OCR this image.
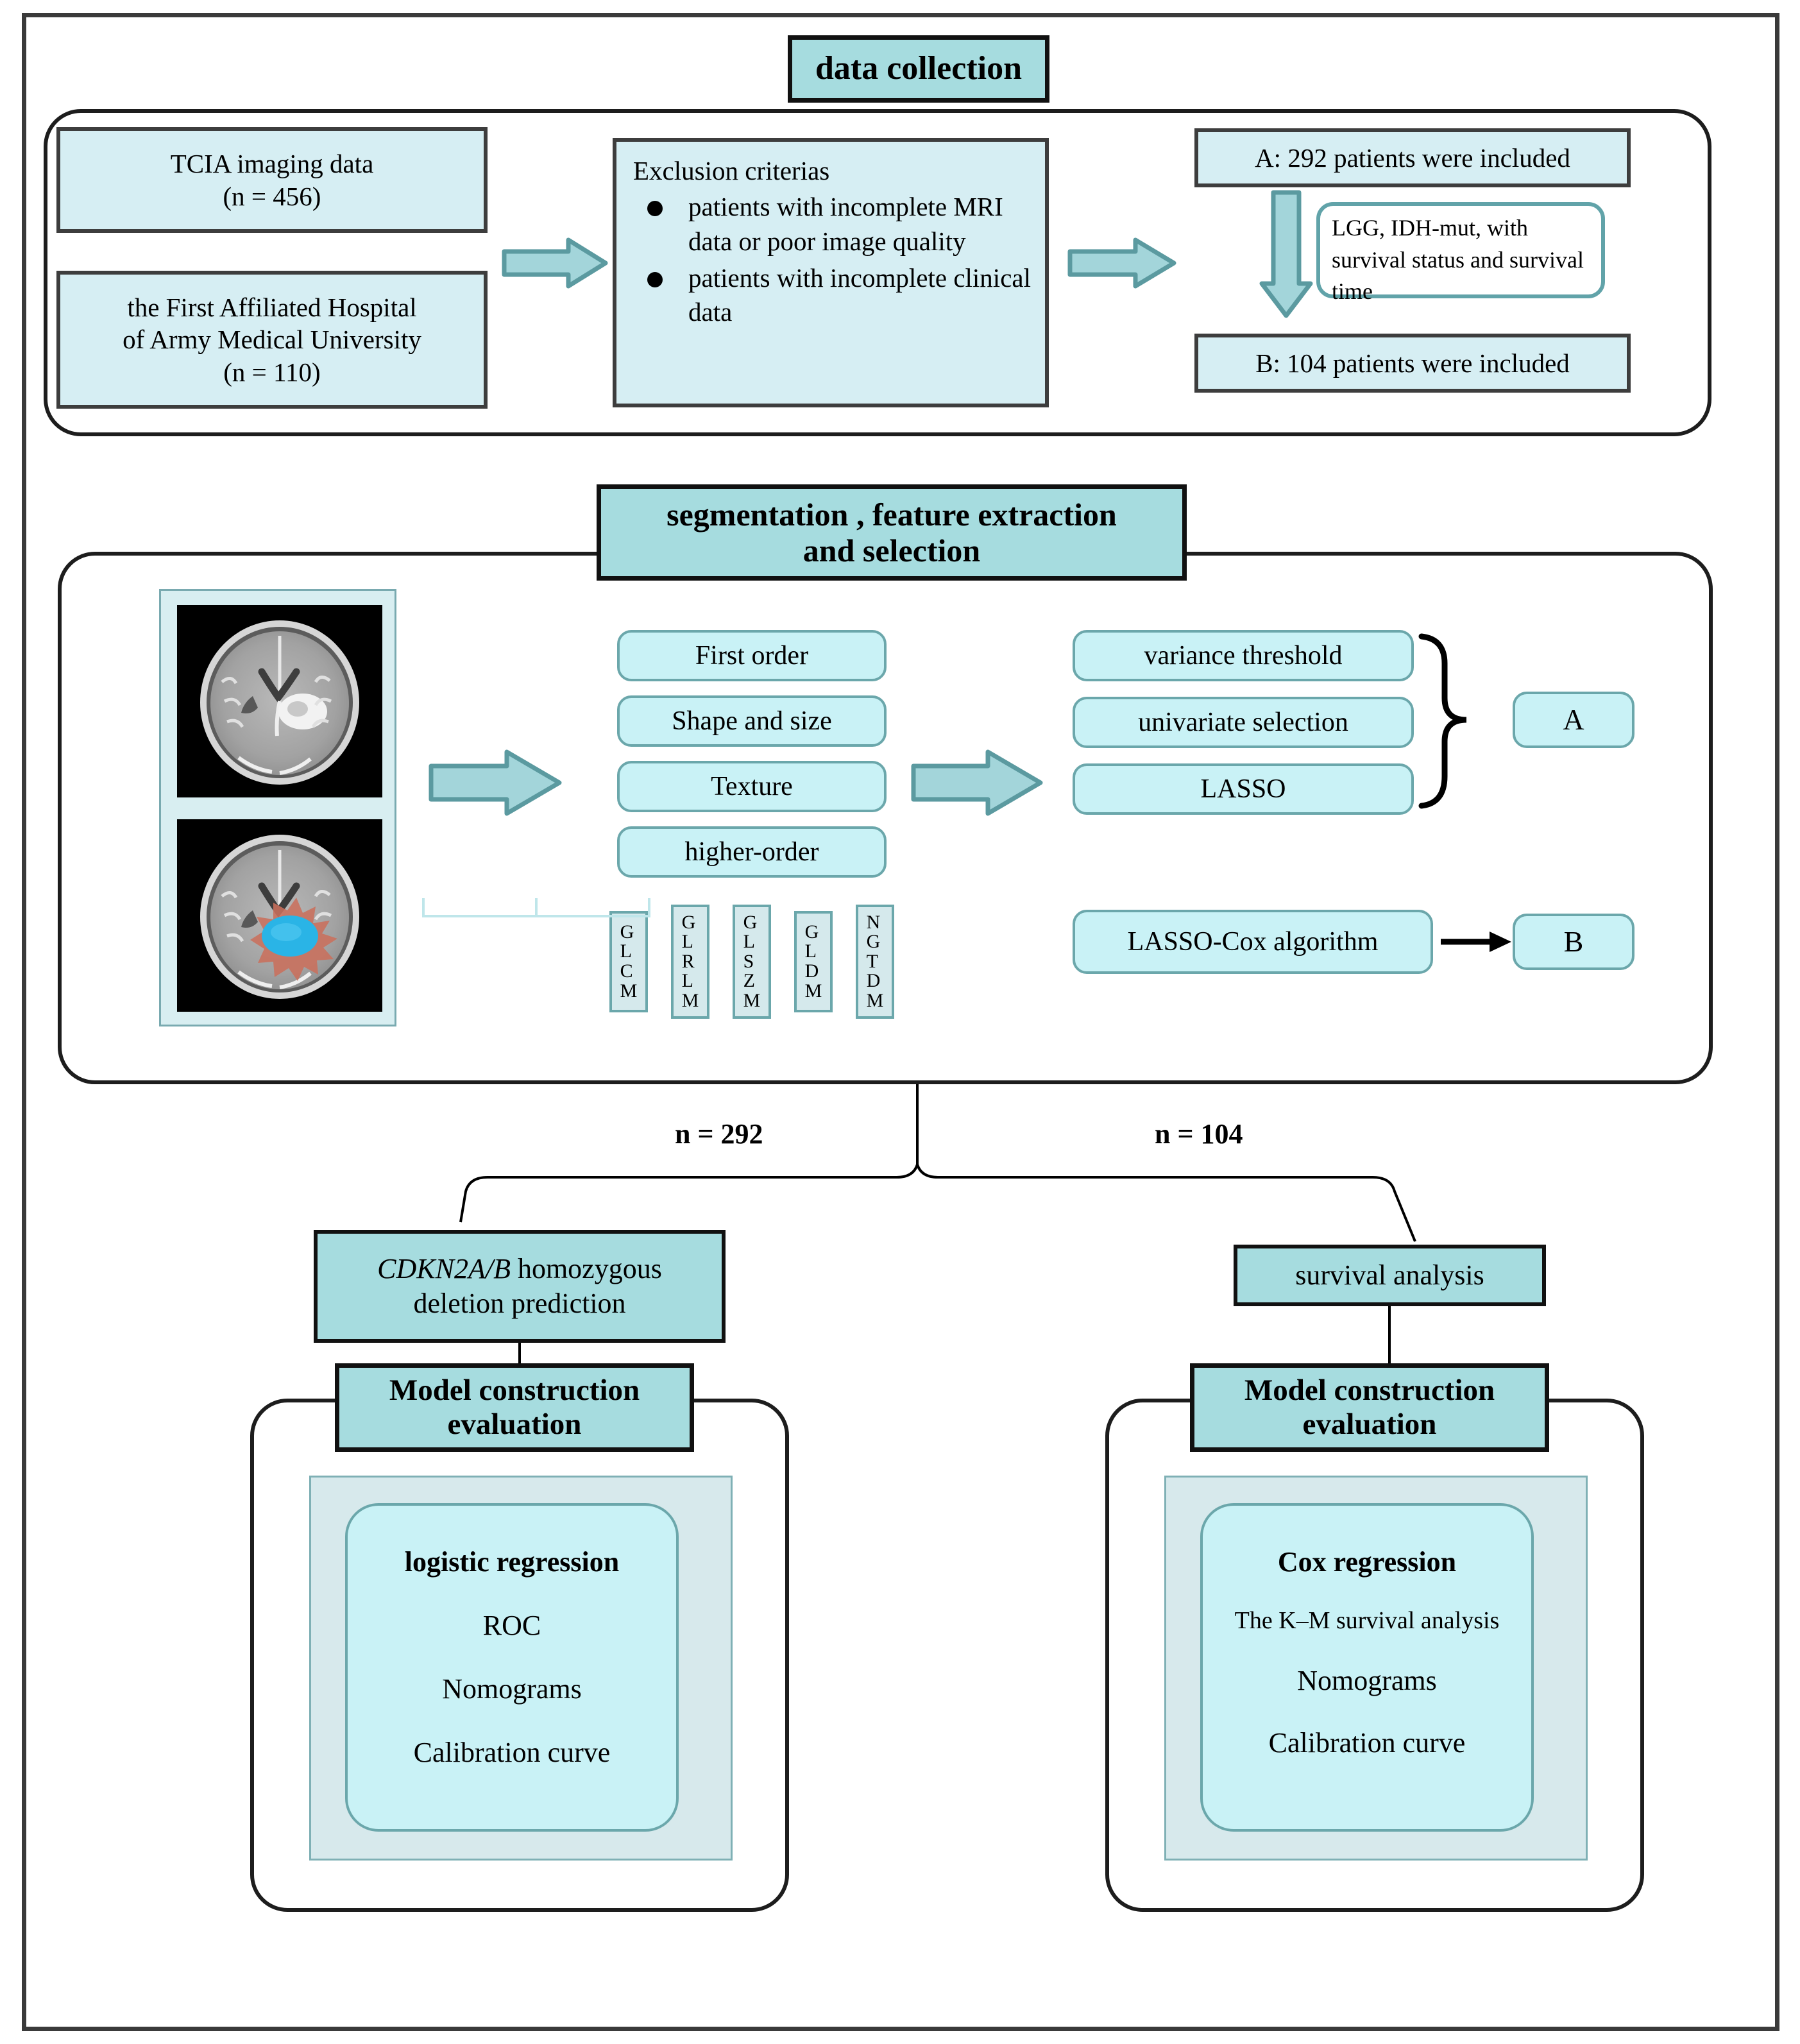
data collection
TCIA imaging data
(n = 456)
the First Affiliated Hospital
of Army Medical University
(n = 110)
Exclusion criterias
patients with incomplete MRI data or poor image quality
patients with incomplete clinical data
A: 292 patients were included
LGG, IDH-mut, with survival status and survival time
B: 104 patients were included
segmentation , feature extraction
and selection
First order
Shape and size
Texture
higher-order
G
L
C
M
G
L
R
L
M
G
L
S
Z
M
G
L
D
M
N
G
T
D
M
variance threshold
univariate selection
LASSO
A
LASSO-Cox algorithm	B
n = 292	n = 104
CDKN2A/B homozygous
deletion prediction
survival analysis
Model construction
evaluation
logistic regression
ROC
Nomograms
Calibration curve
Model construction
evaluation
Cox regression
The K–M survival analysis
Nomograms
Calibration curve
